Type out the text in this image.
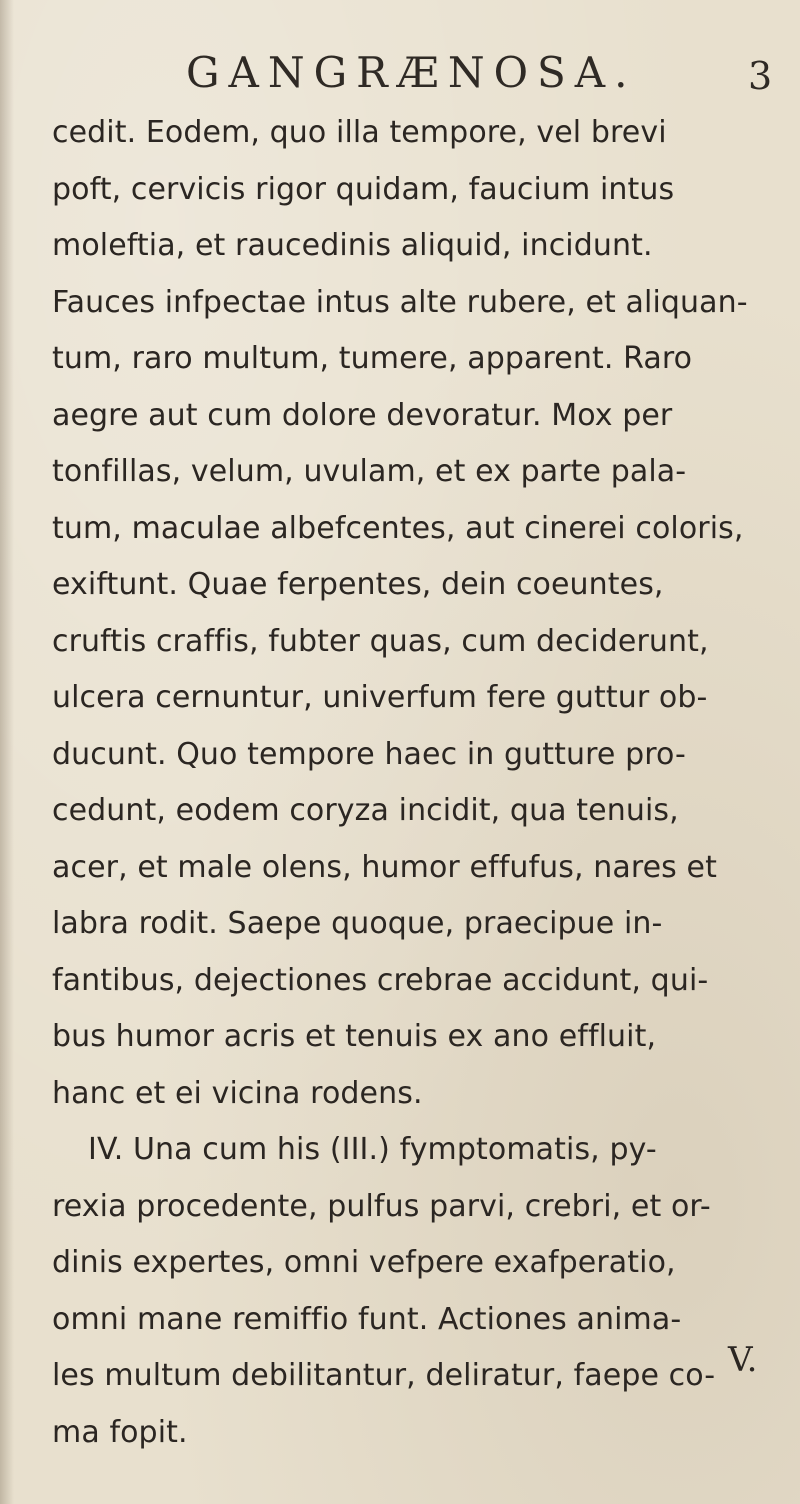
GANGRÆNOSA.	3
cedit. Eodem, quo illa tempore, vel brevi
poft, cervicis rigor quidam, faucium intus
moleftia, et raucedinis aliquid, incidunt.
Fauces infpectae intus alte rubere, et aliquan-
tum, raro multum, tumere, apparent. Raro
aegre aut cum dolore devoratur. Mox per
tonfillas, velum, uvulam, et ex parte pala-
tum, maculae albefcentes, aut cinerei coloris,
exiftunt. Quae ferpentes, dein coeuntes,
cruftis craffis, fubter quas, cum deciderunt,
ulcera cernuntur, univerfum fere guttur ob-
ducunt. Quo tempore haec in gutture pro-
cedunt, eodem coryza incidit, qua tenuis,
acer, et male olens, humor effufus, nares et
labra rodit. Saepe quoque, praecipue in-
fantibus, dejectiones crebrae accidunt, qui-
bus humor acris et tenuis ex ano effluit,
hanc et ei vicina rodens.
IV. Una cum his (III.) fymptomatis, py-
rexia procedente, pulfus parvi, crebri, et or-
dinis expertes, omni vefpere exafperatio,
omni mane remiffio funt. Actiones anima-
les multum debilitantur, deliratur, faepe co-
ma fopit.
V.
